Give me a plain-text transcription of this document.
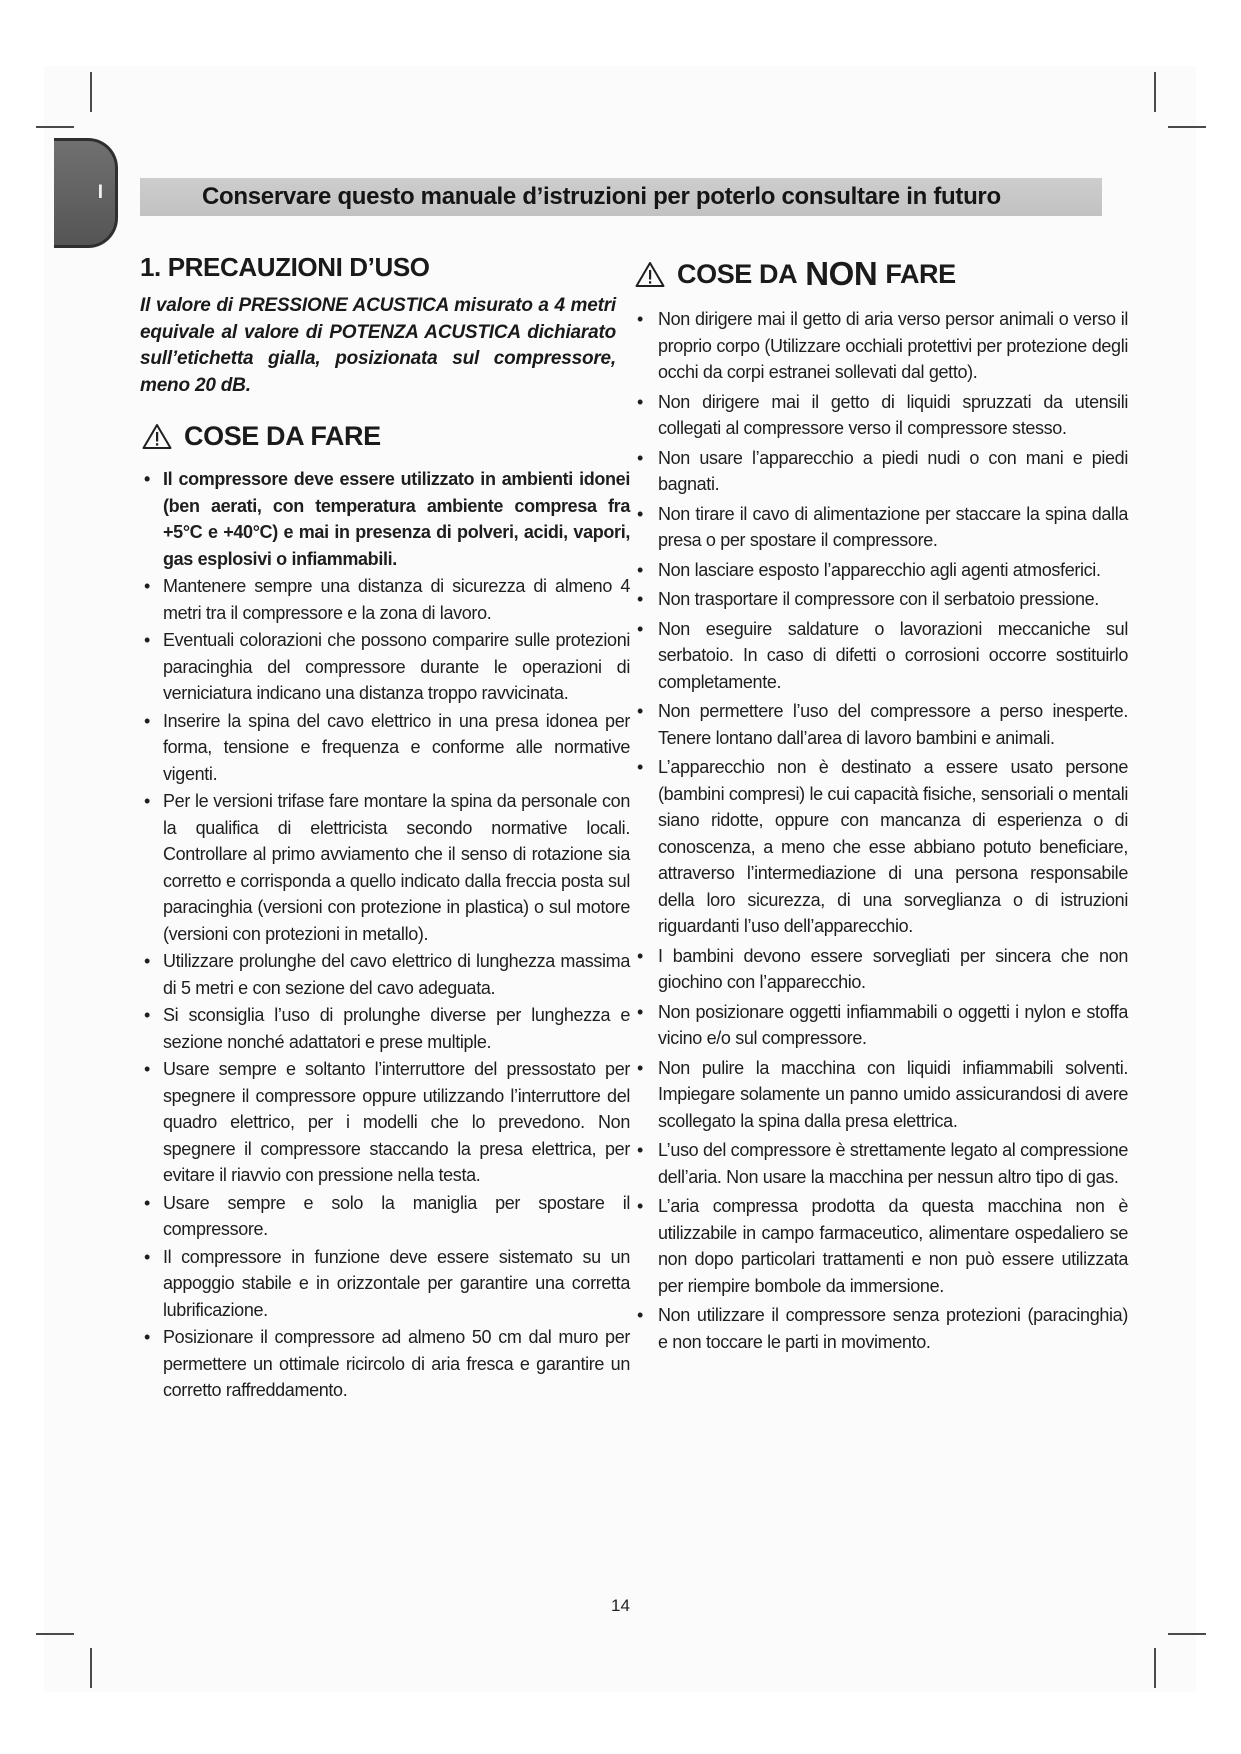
I	Conservare questo manuale d’istruzioni per poterlo consultare in futuro
1. PRECAUZIONI D’USO

Il valore di PRESSIONE ACUSTICA misurato a 4 metri equivale al valore di POTENZA ACUSTICA dichiarato sull’etichetta gialla, posizionata sul compressore, meno 20 dB.

COSE DA FARE
• Il compressore deve essere utilizzato in ambienti idonei (ben aerati, con temperatura ambiente compresa fra +5°C e +40°C) e mai in presenza di polveri, acidi, vapori, gas esplosivi o infiammabili.
• Mantenere sempre una distanza di sicurezza di almeno 4 metri tra il compressore e la zona di lavoro.
• Eventuali colorazioni che possono comparire sulle protezioni paracinghia del compressore durante le operazioni di verniciatura indicano una distanza troppo ravvicinata.
• Inserire la spina del cavo elettrico in una presa idonea per forma, tensione e frequenza e conforme alle normative vigenti.
• Per le versioni trifase fare montare la spina da personale con la qualifica di elettricista secondo normative locali. Controllare al primo avviamento che il senso di rotazione sia corretto e corrisponda a quello indicato dalla freccia posta sul paracinghia (versioni con protezione in plastica) o sul motore (versioni con protezioni in metallo).
• Utilizzare prolunghe del cavo elettrico di lunghezza massima di 5 metri e con sezione del cavo adeguata.
• Si sconsiglia l’uso di prolunghe diverse per lunghezza e sezione nonché adattatori e prese multiple.
• Usare sempre e soltanto l’interruttore del pressostato per spegnere il compressore oppure utilizzando l’interruttore del quadro elettrico, per i modelli che lo prevedono. Non spegnere il compressore staccando la presa elettrica, per evitare il riavvio con pressione nella testa.
• Usare sempre e solo la maniglia per spostare il compressore.
• Il compressore in funzione deve essere sistemato su un appoggio stabile e in orizzontale per garantire una corretta lubrificazione.
• Posizionare il compressore ad almeno 50 cm dal muro per permettere un ottimale ricircolo di aria fresca e garantire un corretto raffreddamento.
COSE DA NON FARE
• Non dirigere mai il getto di aria verso persor animali o verso il proprio corpo (Utilizzare occhiali protettivi per protezione degli occhi da corpi estranei sollevati dal getto).
• Non dirigere mai il getto di liquidi spruzzati da utensili collegati al compressore verso il compressore stesso.
• Non usare l’apparecchio a piedi nudi o con mani e piedi bagnati.
• Non tirare il cavo di alimentazione per staccare la spina dalla presa o per spostare il compressore.
• Non lasciare esposto l’apparecchio agli agenti atmosferici.
• Non trasportare il compressore con il serbatoio pressione.
• Non eseguire saldature o lavorazioni meccaniche sul serbatoio. In caso di difetti o corrosioni occorre sostituirlo completamente.
• Non permettere l’uso del compressore a perso inesperte. Tenere lontano dall’area di lavoro bambini e animali.
• L’apparecchio non è destinato a essere usato persone (bambini compresi) le cui capacità fisiche, sensoriali o mentali siano ridotte, oppure con mancanza di esperienza o di conoscenza, a meno che esse abbiano potuto beneficiare, attraverso l’intermediazione di una persona responsabile della loro sicurezza, di una sorveglianza o di istruzioni riguardanti l’uso dell’apparecchio.
• I bambini devono essere sorvegliati per sincera che non giochino con l’apparecchio.
• Non posizionare oggetti infiammabili o oggetti i nylon e stoffa vicino e/o sul compressore.
• Non pulire la macchina con liquidi infiammabili solventi. Impiegare solamente un panno umido assicurandosi di avere scollegato la spina dalla presa elettrica.
• L’uso del compressore è strettamente legato al compressione dell’aria. Non usare la macchina per nessun altro tipo di gas.
• L’aria compressa prodotta da questa macchina non è utilizzabile in campo farmaceutico, alimentare ospedaliero se non dopo particolari trattamenti e non può essere utilizzata per riempire bombole da immersione.
• Non utilizzare il compressore senza protezioni (paracinghia) e non toccare le parti in movimento.
14
